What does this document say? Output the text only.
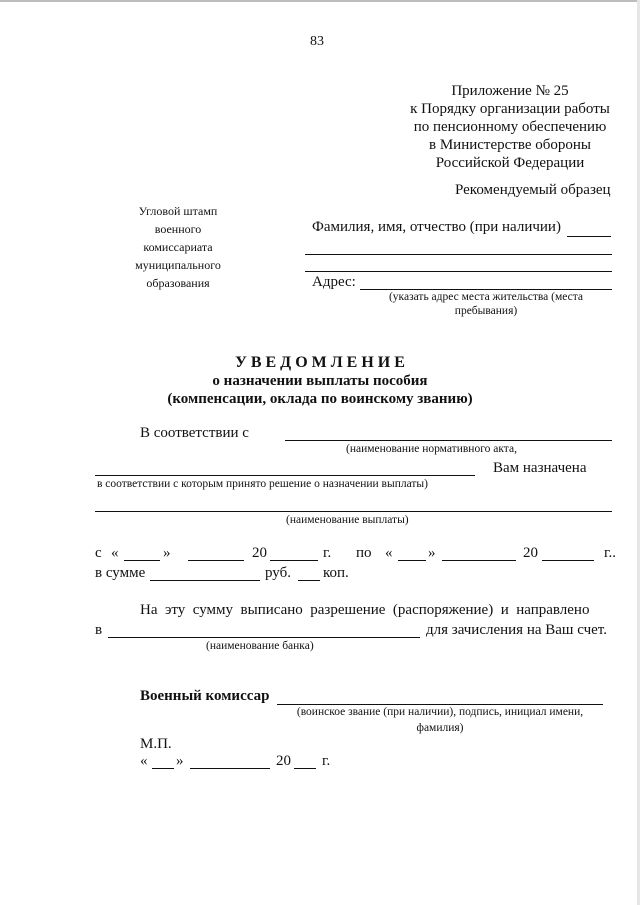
83
Приложение № 25
к Порядку организации работы
по пенсионному обеспечению
в Министерстве обороны
Российской Федерации
Рекомендуемый образец
Угловой штамп
военного
комиссариата
муниципального
образования
Фамилия, имя, отчество (при наличии)
Адрес:
(указать адрес места жительства (места
пребывания)
У В Е Д О М Л Е Н И Е
о назначении выплаты пособия
(компенсации, оклада по воинскому званию)
В соответствии с
(наименование нормативного акта,
Вам назначена
в соответствии с которым принято решение о назначении выплаты)
(наименование выплаты)
с «	»	20	г. по « »	20	г..
в сумме	руб. коп.
На  эту  сумму  выписано  разрешение  (распоряжение)  и  направлено
в	для зачисления на Ваш счет.
(наименование банка)
Военный комиссар
(воинское звание (при наличии), подпись, инициал имени,
фамилия)
М.П.
« »	20 г.
